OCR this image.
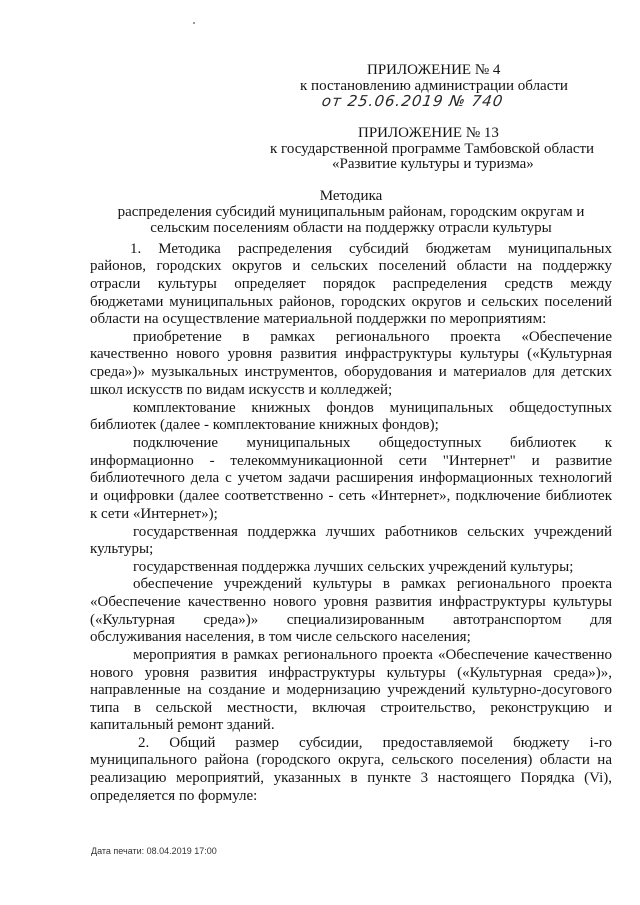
ПРИЛОЖЕНИЕ № 4
к постановлению администрации области
от 25.06.2019 № 740
ПРИЛОЖЕНИЕ № 13
к государственной программе Тамбовской области
«Развитие культуры и туризма»
Методика
распределения субсидий муниципальным районам, городским округам и
сельским поселениям области на поддержку отрасли культуры
1. Методика распределения субсидий бюджетам муниципальных
районов, городских округов и сельских поселений области на поддержку
отрасли культуры определяет порядок распределения средств между
бюджетами муниципальных районов, городских округов и сельских поселений
области на осуществление материальной поддержки по мероприятиям:
приобретение в рамках регионального проекта «Обеспечение
качественно нового уровня развития инфраструктуры культуры («Культурная
среда»)» музыкальных инструментов, оборудования и материалов для детских
школ искусств по видам искусств и колледжей;
комплектование книжных фондов муниципальных общедоступных
библиотек (далее - комплектование книжных фондов);
подключение муниципальных общедоступных библиотек к
информационно - телекоммуникационной сети "Интернет" и развитие
библиотечного дела с учетом задачи расширения информационных технологий
и оцифровки (далее соответственно - сеть «Интернет», подключение библиотек
к сети «Интернет»);
государственная поддержка лучших работников сельских учреждений
культуры;
государственная поддержка лучших сельских учреждений культуры;
обеспечение учреждений культуры в рамках регионального проекта
«Обеспечение качественно нового уровня развития инфраструктуры культуры
(«Культурная среда»)» специализированным автотранспортом для
обслуживания населения, в том числе сельского населения;
мероприятия в рамках регионального проекта «Обеспечение качественно
нового уровня развития инфраструктуры культуры («Культурная среда»)»,
направленные на создание и модернизацию учреждений культурно-досугового
типа в сельской местности, включая строительство, реконструкцию и
капитальный ремонт зданий.
2. Общий размер субсидии, предоставляемой бюджету i-го
муниципального района (городского округа, сельского поселения) области на
реализацию мероприятий, указанных в пункте 3 настоящего Порядка (Vi),
определяется по формуле:
Дата печати: 08.04.2019 17:00
